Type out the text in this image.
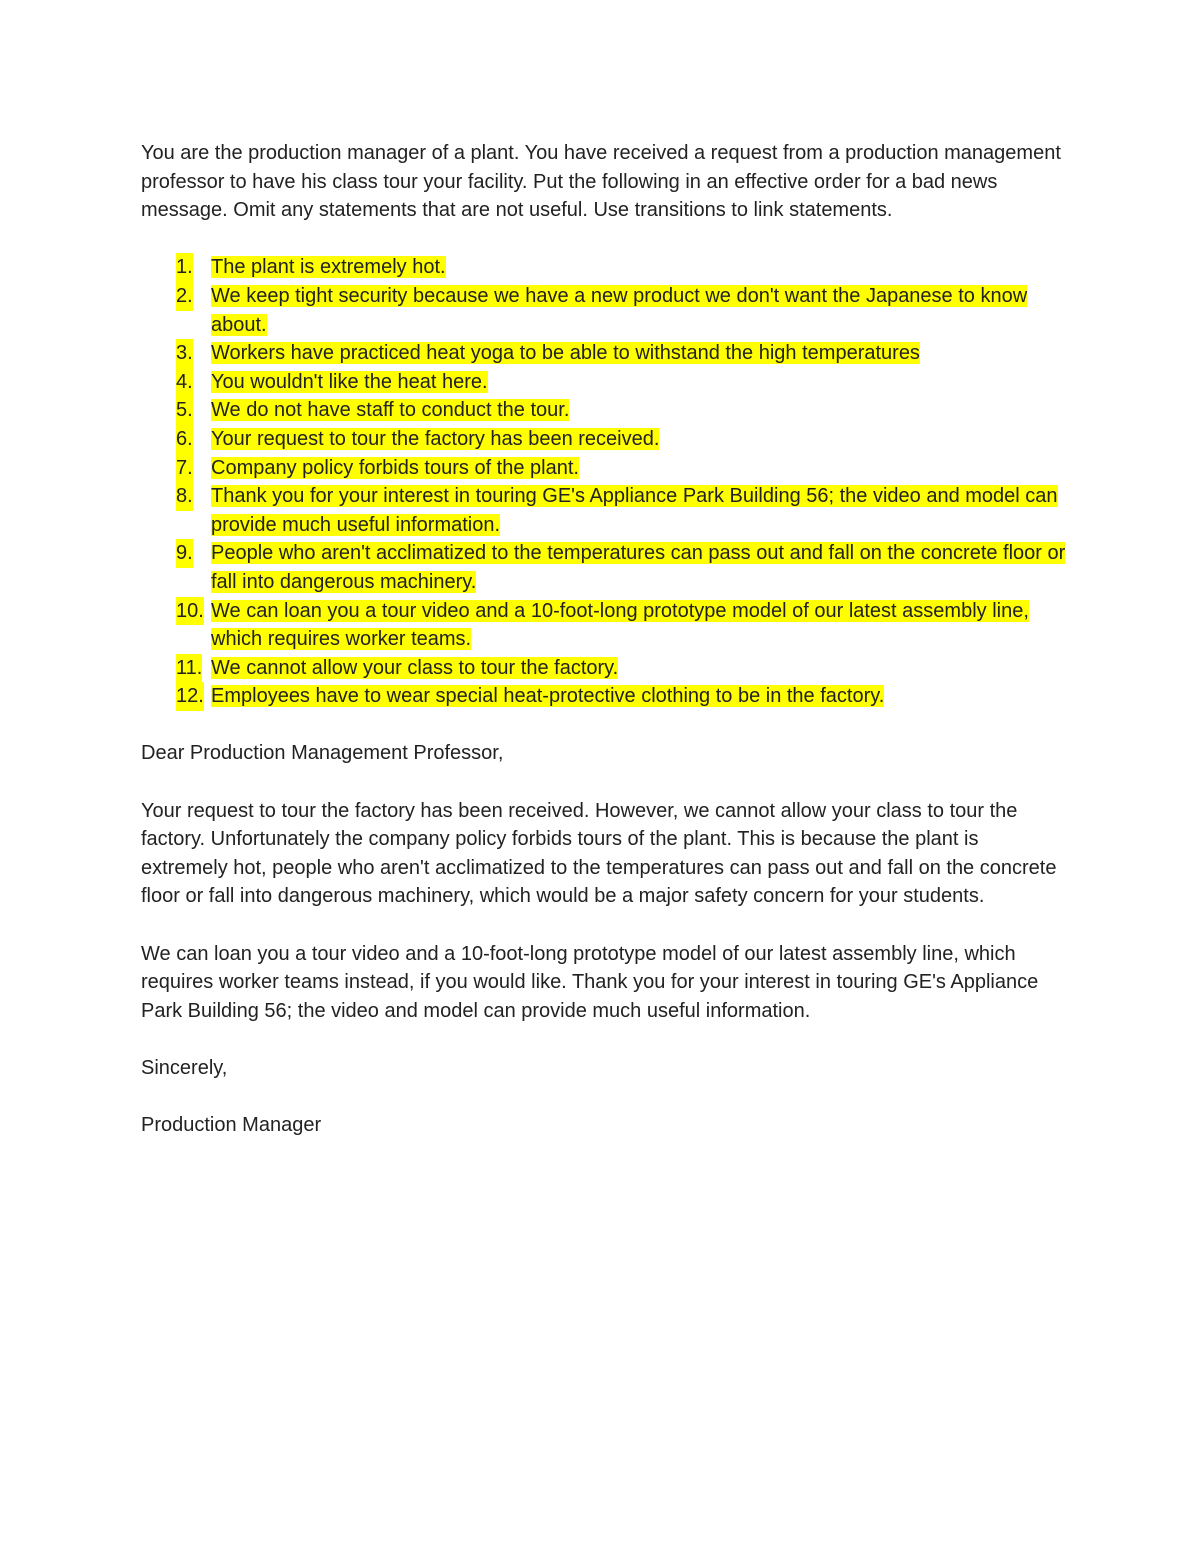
You are the production manager of a plant. You have received a request from a production management professor to have his class tour your facility. Put the following in an effective order for a bad news message. Omit any statements that are not useful. Use transitions to link statements.

1. The plant is extremely hot.
2. We keep tight security because we have a new product we don't want the Japanese to know about.
3. Workers have practiced heat yoga to be able to withstand the high temperatures
4. You wouldn't like the heat here.
5. We do not have staff to conduct the tour.
6. Your request to tour the factory has been received.
7. Company policy forbids tours of the plant.
8. Thank you for your interest in touring GE's Appliance Park Building 56; the video and model can provide much useful information.
9. People who aren't acclimatized to the temperatures can pass out and fall on the concrete floor or fall into dangerous machinery.
10. We can loan you a tour video and a 10-foot-long prototype model of our latest assembly line, which requires worker teams.
11. We cannot allow your class to tour the factory.
12. Employees have to wear special heat-protective clothing to be in the factory.

Dear Production Management Professor,

Your request to tour the factory has been received. However, we cannot allow your class to tour the factory. Unfortunately the company policy forbids tours of the plant. This is because the plant is extremely hot, people who aren't acclimatized to the temperatures can pass out and fall on the concrete floor or fall into dangerous machinery, which would be a major safety concern for your students.

We can loan you a tour video and a 10-foot-long prototype model of our latest assembly line, which requires worker teams instead, if you would like. Thank you for your interest in touring GE's Appliance Park Building 56; the video and model can provide much useful information.

Sincerely,

Production Manager
